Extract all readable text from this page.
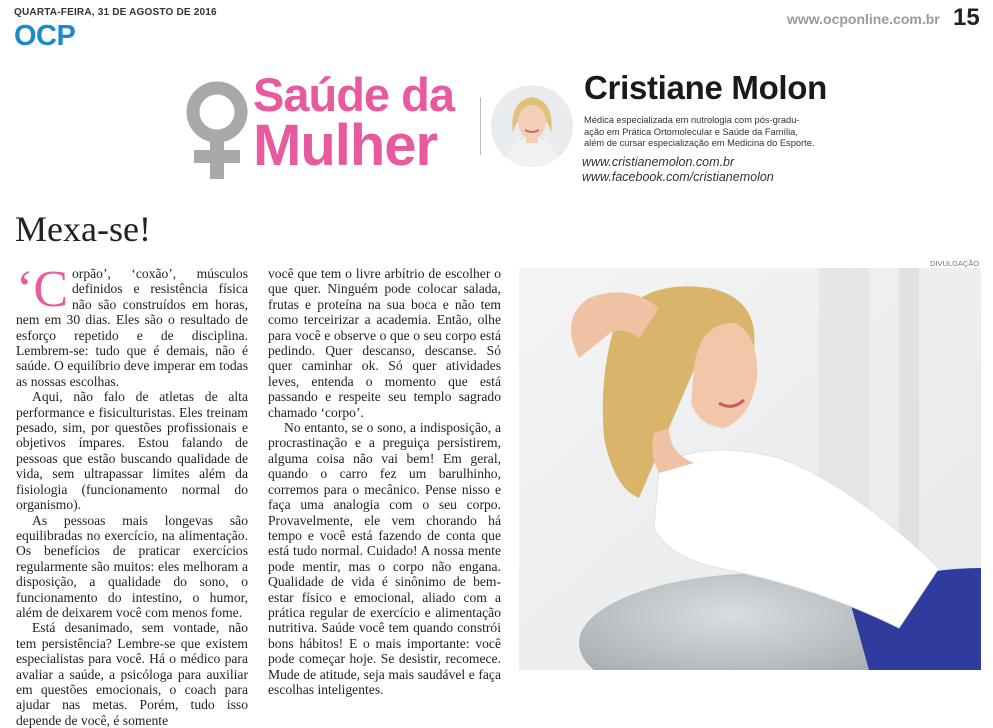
QUARTA-FEIRA, 31 DE AGOSTO DE 2016
OCP
www.ocponline.com.br 15
Saúde da
Mulher
Cristiane Molon
Médica especializada em nutrologia com pós-gradu-
ação em Prática Ortomolecular e Saúde da Família,
além de cursar especialização em Medicina do Esporte.
www.cristianemolon.com.br
www.facebook.com/cristianemolon
Mexa-se!

‘Corpão’, ‘coxão’, músculos definidos e resistência física não são construídos em horas, nem em 30 dias. Eles são o resultado de esforço repetido e de disciplina. Lembrem-se: tudo que é demais, não é saúde. O equilíbrio deve imperar em todas as nossas escolhas.

Aqui, não falo de atletas de alta performance e fisiculturistas. Eles treinam pesado, sim, por questões profissionais e objetivos ímpares. Estou falando de pessoas que estão buscando qualidade de vida, sem ultrapassar limites além da fisiologia (funcionamento normal do organismo).

As pessoas mais longevas são equilibradas no exercício, na alimentação. Os benefícios de praticar exercícios regularmente são muitos: eles melhoram a disposição, a qualidade do sono, o funcionamento do intestino, o humor, além de deixarem você com menos fome.

Está desanimado, sem vontade, não tem persistência? Lembre-se que existem especialistas para você. Há o médico para avaliar a saúde, a psicóloga para auxiliar em questões emocionais, o coach para ajudar nas metas. Porém, tudo isso depende de você, é somente

você que tem o livre arbítrio de escolher o que quer. Ninguém pode colocar salada, frutas e proteína na sua boca e não tem como terceirizar a academia. Então, olhe para você e observe o que o seu corpo está pedindo. Quer descanso, descanse. Só quer caminhar ok. Só quer atividades leves, entenda o momento que está passando e respeite seu templo sagrado chamado ‘corpo’.

No entanto, se o sono, a indisposição, a procrastinação e a preguiça persistirem, alguma coisa não vai bem! Em geral, quando o carro fez um barulhinho, corremos para o mecânico. Pense nisso e faça uma analogia com o seu corpo. Provavelmente, ele vem chorando há tempo e você está fazendo de conta que está tudo normal. Cuidado! A nossa mente pode mentir, mas o corpo não engana. Qualidade de vida é sinônimo de bem-estar físico e emocional, aliado com a prática regular de exercício e alimentação nutritiva. Saúde você tem quando constrói bons hábitos! E o mais importante: você pode começar hoje. Se desistir, recomece. Mude de atitude, seja mais saudável e faça escolhas inteligentes.

DIVULGAÇÃO
